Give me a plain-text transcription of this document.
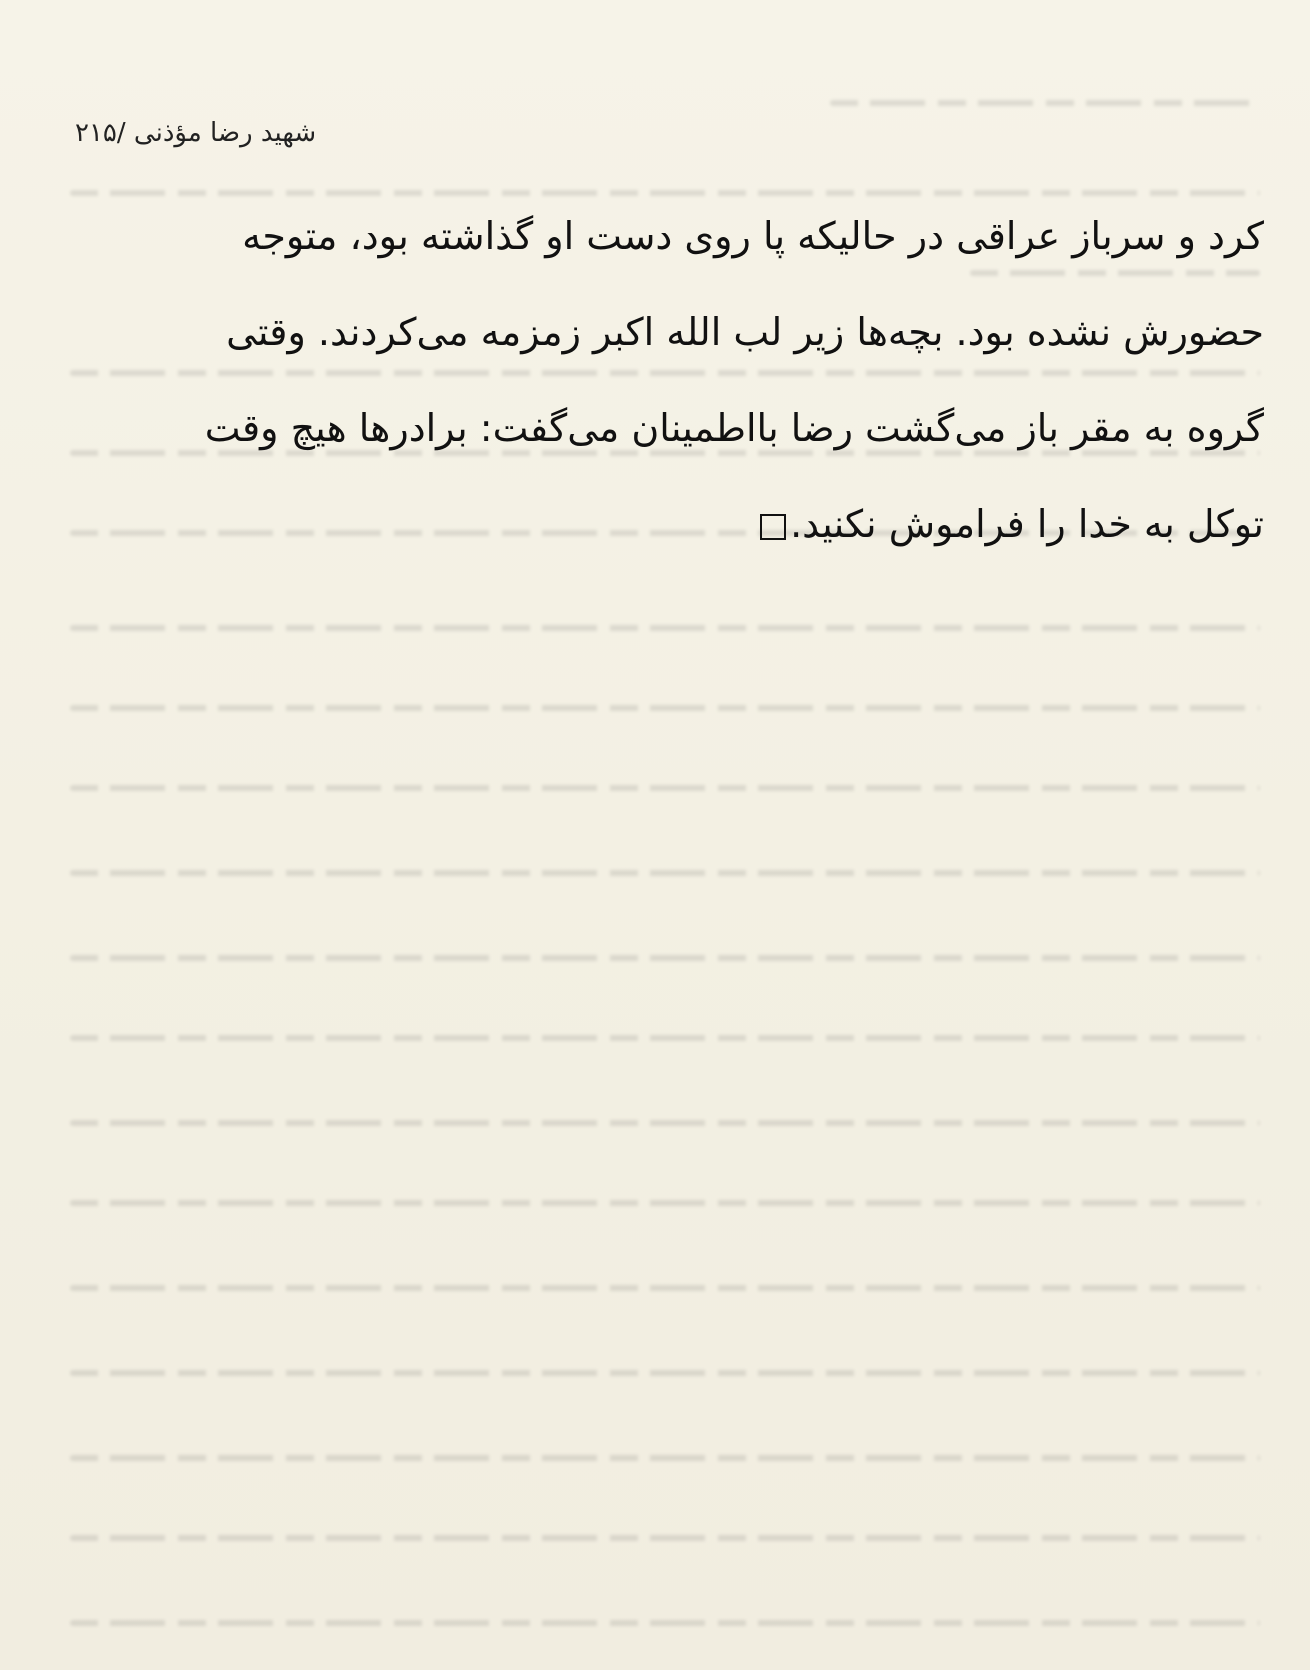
شهید رضا مؤذنی /۲۱۵
کرد و سرباز عراقی در حالیکه پا روی دست او گذاشته بود، متوجه
حضورش نشده بود. بچه‌ها زیر لب الله اکبر زمزمه می‌کردند. وقتی
گروه به مقر باز می‌گشت رضا بااطمینان می‌گفت: برادرها هیچ وقت
توکل به خدا را فراموش نکنید.
